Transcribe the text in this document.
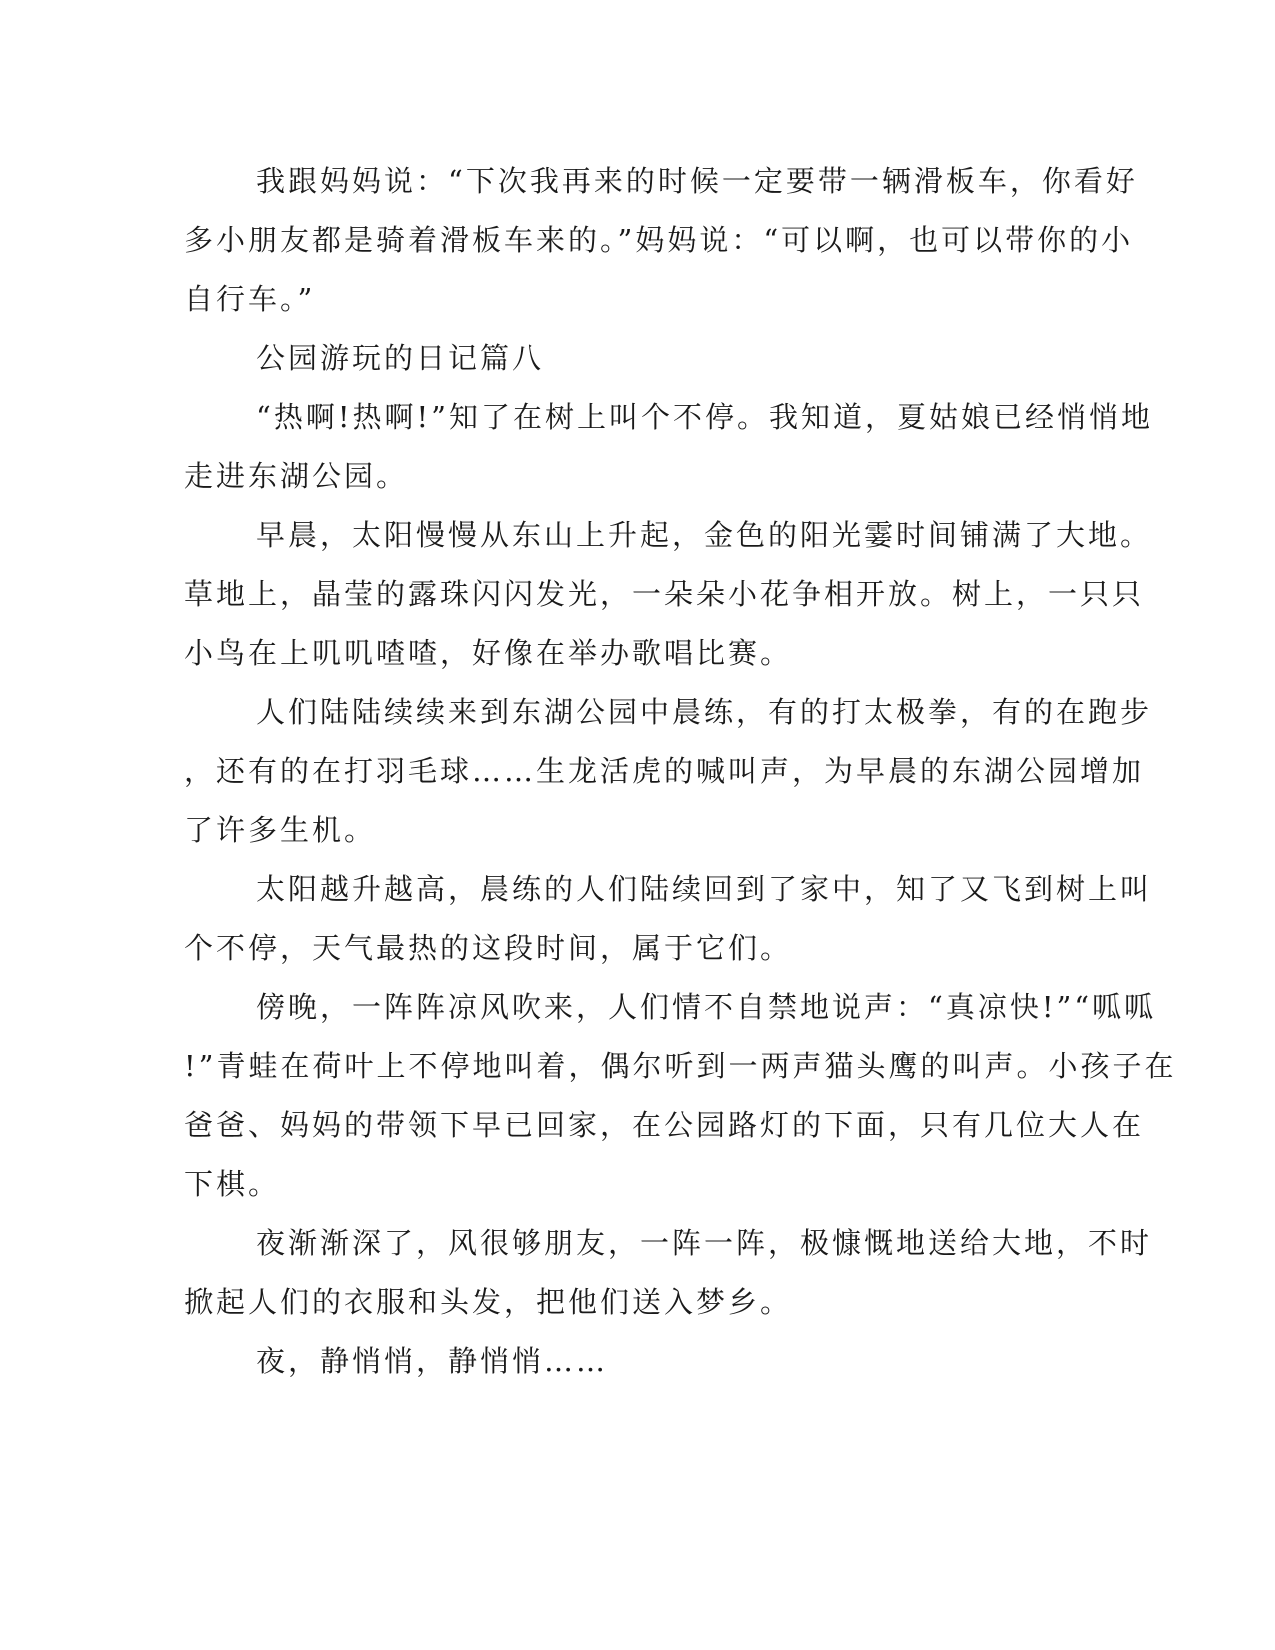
我跟妈妈说：“下次我再来的时候一定要带一辆滑板车，你看好
多小朋友都是骑着滑板车来的。”妈妈说：“可以啊，也可以带你的小
自行车。”

公园游玩的日记篇八

“热啊!热啊!”知了在树上叫个不停。我知道，夏姑娘已经悄悄地
走进东湖公园。

早晨，太阳慢慢从东山上升起，金色的阳光霎时间铺满了大地。
草地上，晶莹的露珠闪闪发光，一朵朵小花争相开放。树上，一只只
小鸟在上叽叽喳喳，好像在举办歌唱比赛。

人们陆陆续续来到东湖公园中晨练，有的打太极拳，有的在跑步
，还有的在打羽毛球……生龙活虎的喊叫声，为早晨的东湖公园增加
了许多生机。

太阳越升越高，晨练的人们陆续回到了家中，知了又飞到树上叫
个不停，天气最热的这段时间，属于它们。

傍晚，一阵阵凉风吹来，人们情不自禁地说声：“真凉快!”“呱呱
!”青蛙在荷叶上不停地叫着，偶尔听到一两声猫头鹰的叫声。小孩子在
爸爸、妈妈的带领下早已回家，在公园路灯的下面，只有几位大人在
下棋。

夜渐渐深了，风很够朋友，一阵一阵，极慷慨地送给大地，不时
掀起人们的衣服和头发，把他们送入梦乡。

夜，静悄悄，静悄悄……
